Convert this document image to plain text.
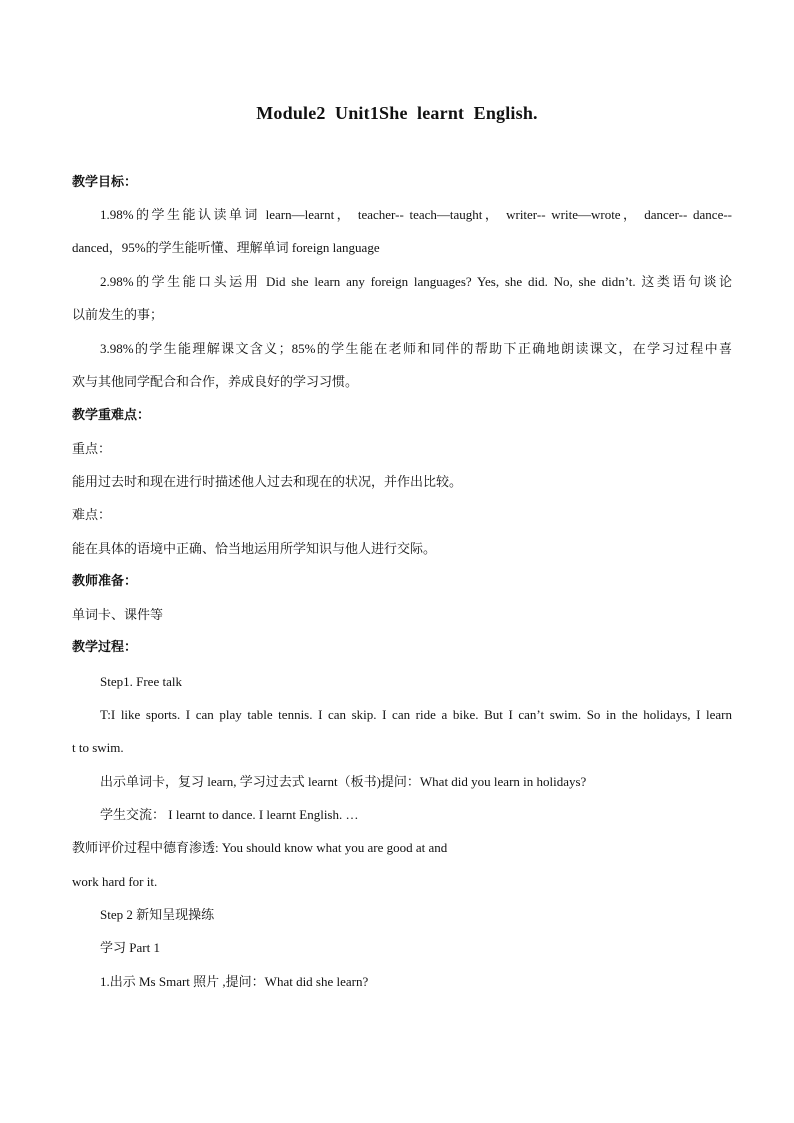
Module2  Unit1She  learnt  English.
教学目标：
1.98%的学生能认读单词 learn—learnt， teacher-- teach—taught， writer-- write—wrote， dancer-- dance--
danced，95%的学生能听懂、理解单词 foreign language
2.98%的学生能口头运用 Did she learn any foreign languages? Yes, she did. No, she didn’t. 这类语句谈论
以前发生的事；
3.98%的学生能理解课文含义；85%的学生能在老师和同伴的帮助下正确地朗读课文，在学习过程中喜
欢与其他同学配合和合作，养成良好的学习习惯。
教学重难点：
重点：
能用过去时和现在进行时描述他人过去和现在的状况，并作出比较。
难点：
能在具体的语境中正确、恰当地运用所学知识与他人进行交际。
教师准备：
单词卡、课件等
教学过程：
Step1. Free talk
T:I like sports. I can play table tennis. I can skip. I can ride a bike. But I can’t swim. So in the holidays, I learn
t to swim.
出示单词卡，复习 learn, 学习过去式 learnt（板书)提问：What did you learn in holidays?
学生交流： I learnt to dance. I learnt English. …
教师评价过程中德育渗透: You should know what you are good at and
work hard for it.
Step 2 新知呈现操练
学习 Part 1
1.出示 Ms Smart 照片 ,提问：What did she learn?
